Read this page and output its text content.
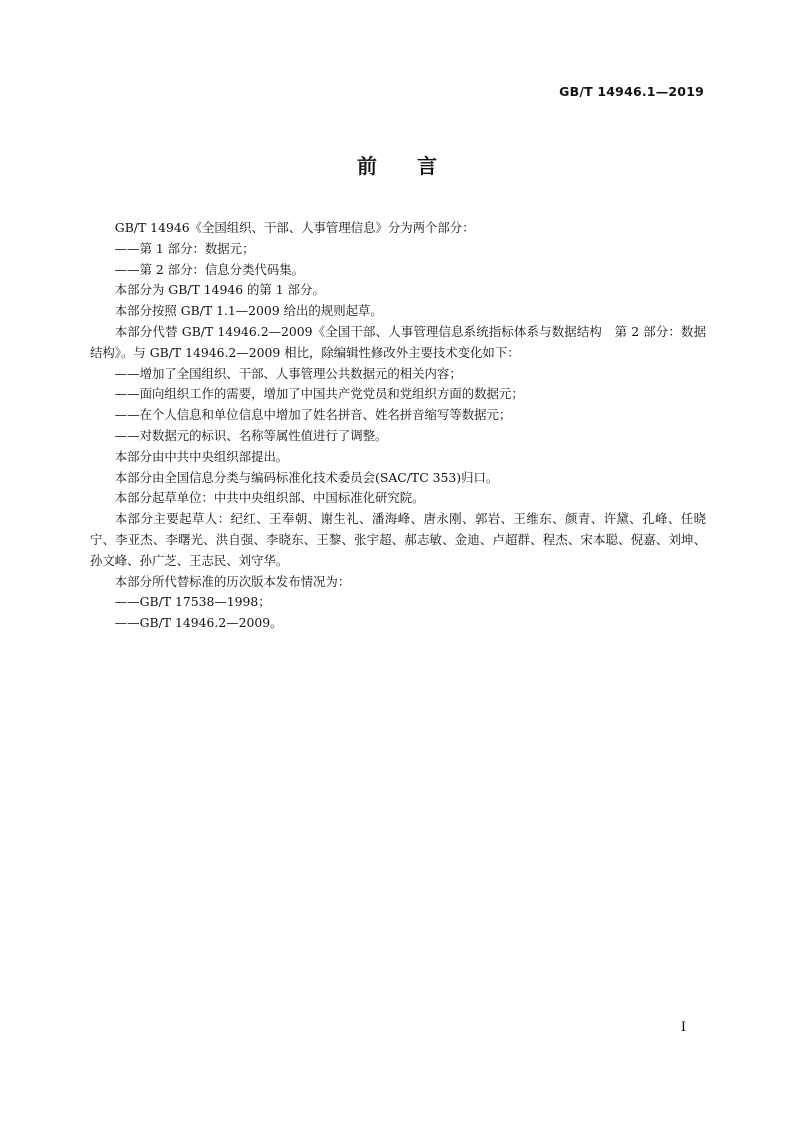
GB/T 14946.1—2019
前言

GB/T 14946《全国组织、干部、人事管理信息》分为两个部分：

——第 1 部分：数据元；

——第 2 部分：信息分类代码集。

本部分为 GB/T 14946 的第 1 部分。

本部分按照 GB/T 1.1—2009 给出的规则起草。

本部分代替 GB/T 14946.2—2009《全国干部、人事管理信息系统指标体系与数据结构　第 2 部分：数据结构》。与 GB/T 14946.2—2009 相比，除编辑性修改外主要技术变化如下：

——增加了全国组织、干部、人事管理公共数据元的相关内容；

——面向组织工作的需要，增加了中国共产党党员和党组织方面的数据元；

——在个人信息和单位信息中增加了姓名拼音、姓名拼音缩写等数据元；

——对数据元的标识、名称等属性值进行了调整。

本部分由中共中央组织部提出。

本部分由全国信息分类与编码标准化技术委员会(SAC/TC 353)归口。

本部分起草单位：中共中央组织部、中国标准化研究院。

本部分主要起草人：纪红、王奉朝、谢生礼、潘海峰、唐永刚、郭岩、王维东、颜青、许黛、孔峰、任晓宁、李亚杰、李曙光、洪自强、李晓东、王黎、张宇超、郝志敏、金迪、卢超群、程杰、宋本聪、倪嘉、刘坤、孙文峰、孙广芝、王志民、刘守华。

本部分所代替标准的历次版本发布情况为：

——GB/T 17538—1998；

——GB/T 14946.2—2009。

I
